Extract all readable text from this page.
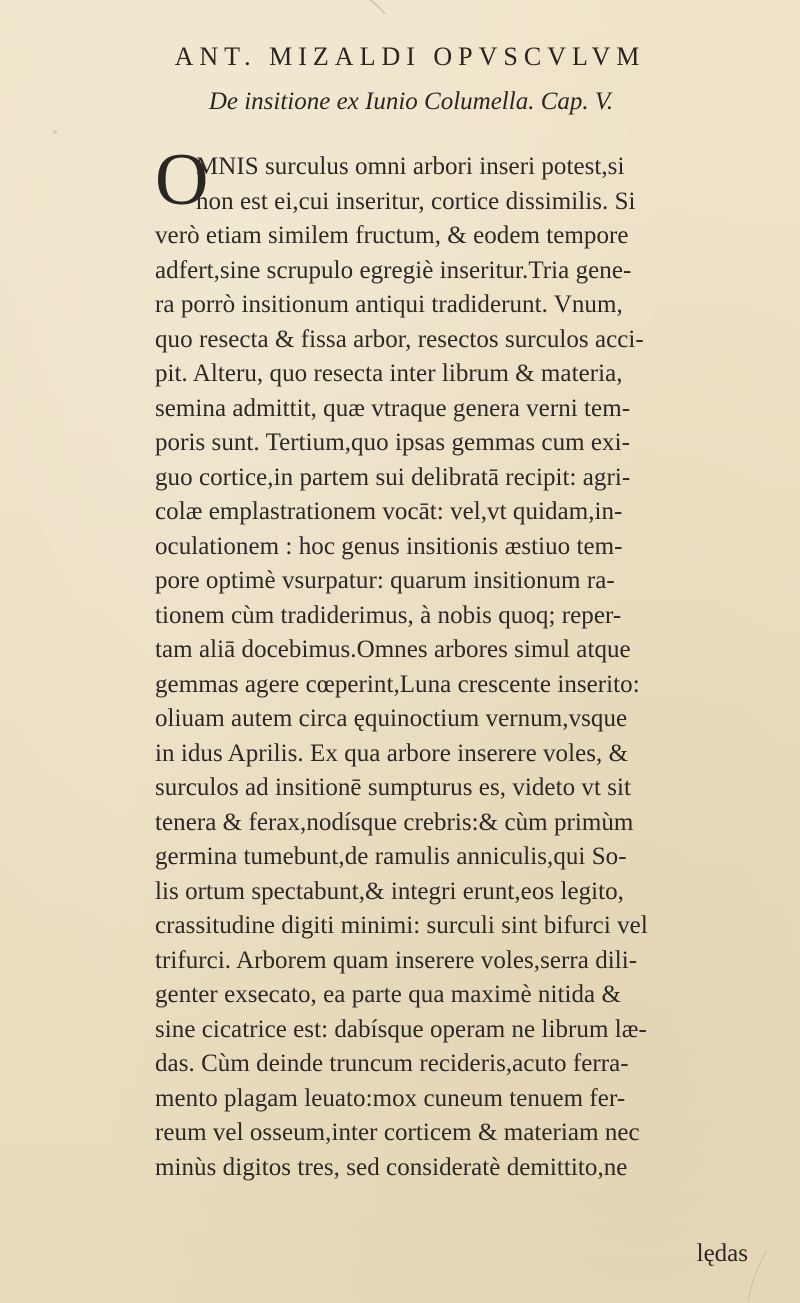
ANT. MIZALDI OPVSCVLVM
De insitione ex Iunio Columella. Cap. V.
O
MNIS surculus omni arbori inseri potest,si
non est ei,cui inseritur, cortice dissimilis. Si
verò etiam similem fructum, & eodem tempore
adfert,sine scrupulo egregiè inseritur.Tria gene-
ra porrò insitionum antiqui tradiderunt. Vnum,
quo resecta & fissa arbor, resectos surculos acci-
pit. Alteru, quo resecta inter librum & materia,
semina admittit, quæ vtraque genera verni tem-
poris sunt. Tertium,quo ipsas gemmas cum exi-
guo cortice,in partem sui delibratā recipit: agri-
colæ emplastrationem vocāt: vel,vt quidam,in-
oculationem : hoc genus insitionis æstiuo tem-
pore optimè vsurpatur: quarum insitionum ra-
tionem cùm tradiderimus, à nobis quoq; reper-
tam aliā docebimus.Omnes arbores simul atque
gemmas agere cœperint,Luna crescente inserito:
oliuam autem circa ęquinoctium vernum,vsque
in idus Aprilis. Ex qua arbore inserere voles, &
surculos ad insitionē sumpturus es, videto vt sit
tenera & ferax,nodísque crebris:& cùm primùm
germina tumebunt,de ramulis anniculis,qui So-
lis ortum spectabunt,& integri erunt,eos legito,
crassitudine digiti minimi: surculi sint bifurci vel
trifurci. Arborem quam inserere voles,serra dili-
genter exsecato, ea parte qua maximè nitida &
sine cicatrice est: dabísque operam ne librum læ-
das. Cùm deinde truncum recideris,acuto ferra-
mento plagam leuato:mox cuneum tenuem fer-
reum vel osseum,inter corticem & materiam nec
minùs digitos tres, sed consideratè demittito,ne
lędas
